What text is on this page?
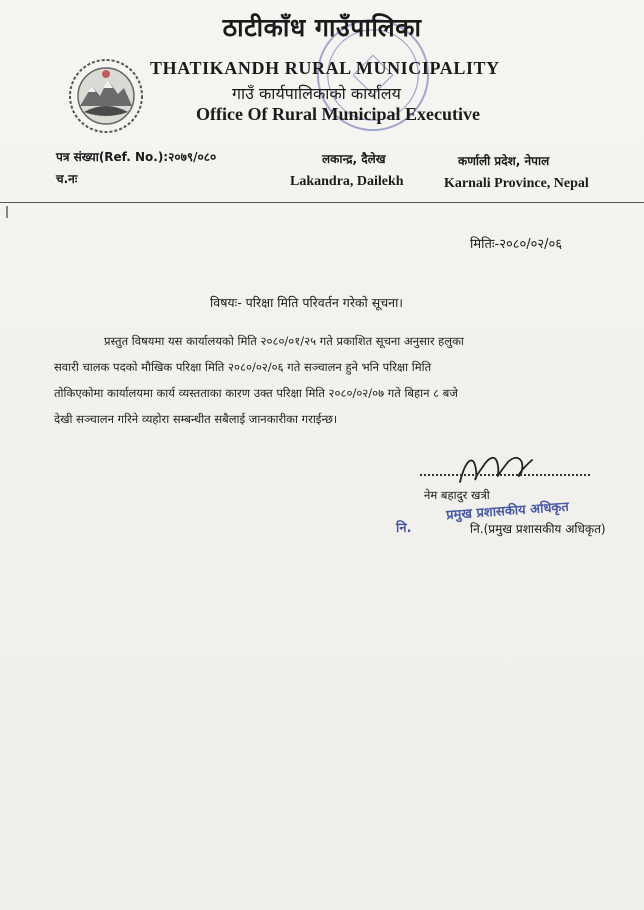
ठाटीकाँध गाउँपालिका
THATIKANDH RURAL MUNICIPALITY
गाउँ कार्यपालिकाको कार्यालय
Office Of Rural Municipal Executive
पत्र संख्या(Ref. No.):२०७९/०८०
च.नः
लकान्द्र, दैलेख
Lakandra, Dailekh
कर्णाली प्रदेश, नेपाल
Karnali Province, Nepal
मितिः-२०८०/०२/०६
विषयः- परिक्षा मिति परिवर्तन गरेको सूचना।
प्रस्तुत विषयमा यस कार्यालयको मिति २०८०/०१/२५ गते प्रकाशित सूचना अनुसार हलुका
सवारी चालक पदको मौखिक परिक्षा मिति २०८०/०२/०६ गते सञ्चालन हुने भनि परिक्षा मिति
तोकिएकोमा कार्यालयमा कार्य व्यस्तताका कारण उक्त परिक्षा मिति २०८०/०२/०७ गते बिहान ८ बजे
देखी सञ्चालन गरिने व्यहोरा सम्बन्धीत सबैलाई जानकारीका गराईन्छ।
नेम बहादुर खत्री
प्रमुख प्रशासकीय अधिकृत
नि.(प्रमुख प्रशासकीय अधिकृत)
नि.
